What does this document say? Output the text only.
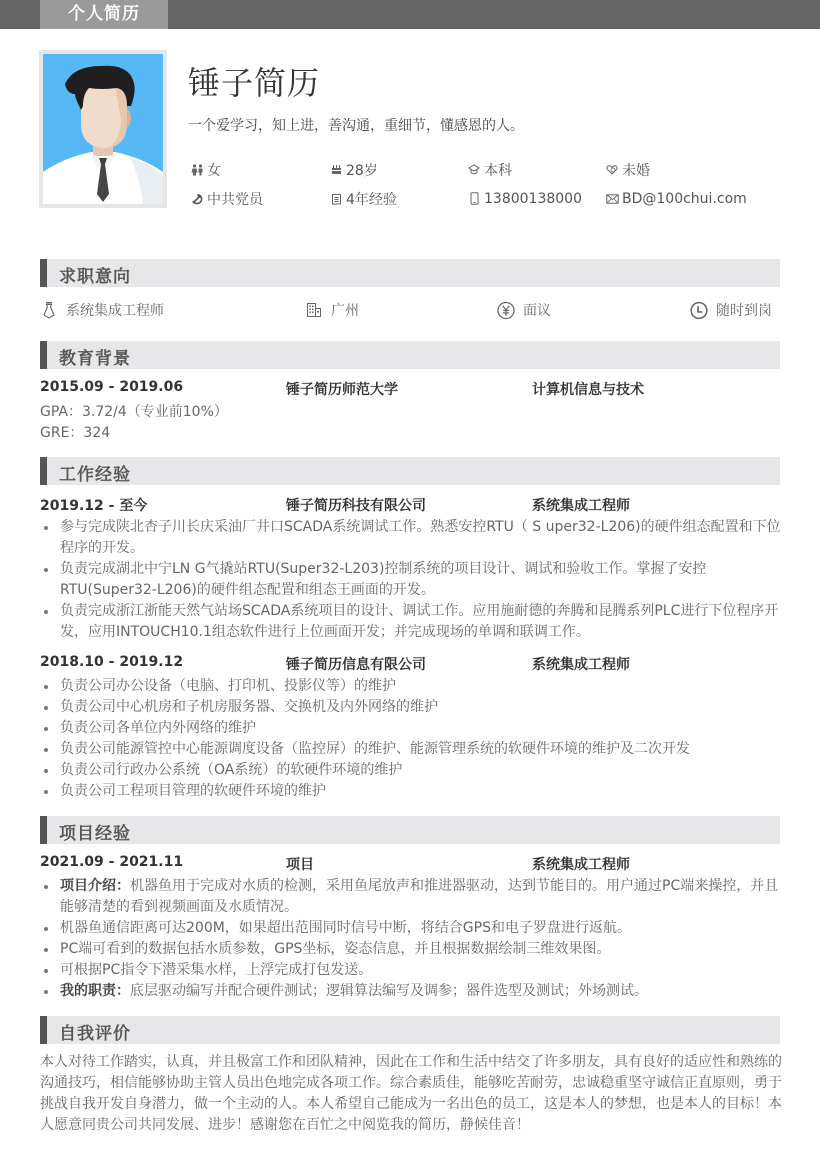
个人简历
锤子简历

一个爱学习，知上进，善沟通，重细节，懂感恩的人。

女	28岁	本科	未婚
中共党员	4年经验	13800138000	BD@100chui.com
求职意向
系统集成工程师	广州	面议	随时到岗
教育背景
2015.09 - 2019.06	锤子简历师范大学	计算机信息与技术
GPA：3.72/4（专业前10%）
GRE：324
工作经验
2019.12 - 至今	锤子简历科技有限公司	系统集成工程师
参与完成陕北杏子川长庆采油厂井口SCADA系统调试工作。熟悉安控RTU（ S uper32-L206)的硬件组态配置和下位程序的开发。
负责完成湖北中宁LN G气撬站RTU(Super32-L203)控制系统的项目设计、调试和验收工作。掌握了安控RTU(Super32-L206)的硬件组态配置和组态王画面的开发。
负责完成浙江浙能天然气站场SCADA系统项目的设计、调试工作。应用施耐德的奔腾和昆腾系列PLC进行下位程序开发，应用INTOUCH10.1组态软件进行上位画面开发；并完成现场的单调和联调工作。
2018.10 - 2019.12	锤子简历信息有限公司	系统集成工程师
负责公司办公设备（电脑、打印机、投影仪等）的维护
负责公司中心机房和子机房服务器、交换机及内外网络的维护
负责公司各单位内外网络的维护
负责公司能源管控中心能源调度设备（监控屏）的维护、能源管理系统的软硬件环境的维护及二次开发
负责公司行政办公系统（OA系统）的软硬件环境的维护
负责公司工程项目管理的软硬件环境的维护
项目经验
2021.09 - 2021.11	项目	系统集成工程师
项目介绍：机器鱼用于完成对水质的检测，采用鱼尾放声和推进器驱动，达到节能目的。用户通过PC端来操控，并且能够清楚的看到视频画面及水质情况。
机器鱼通信距离可达200M，如果超出范围同时信号中断，将结合GPS和电子罗盘进行返航。
PC端可看到的数据包括水质参数，GPS坐标，姿态信息，并且根据数据绘制三维效果图。
可根据PC指令下潜采集水样，上浮完成打包发送。
我的职责：底层驱动编写并配合硬件测试；逻辑算法编写及调参；器件选型及测试；外场测试。
自我评价

本人对待工作踏实，认真，并且极富工作和团队精神，因此在工作和生活中结交了许多朋友，具有良好的适应性和熟练的沟通技巧，相信能够协助主管人员出色地完成各项工作。综合素质佳，能够吃苦耐劳，忠诚稳重坚守诚信正直原则，勇于挑战自我开发自身潜力，做一个主动的人。本人希望自己能成为一名出色的员工，这是本人的梦想，也是本人的目标！本人愿意同贵公司共同发展、进步！感谢您在百忙之中阅览我的简历，静候佳音！
